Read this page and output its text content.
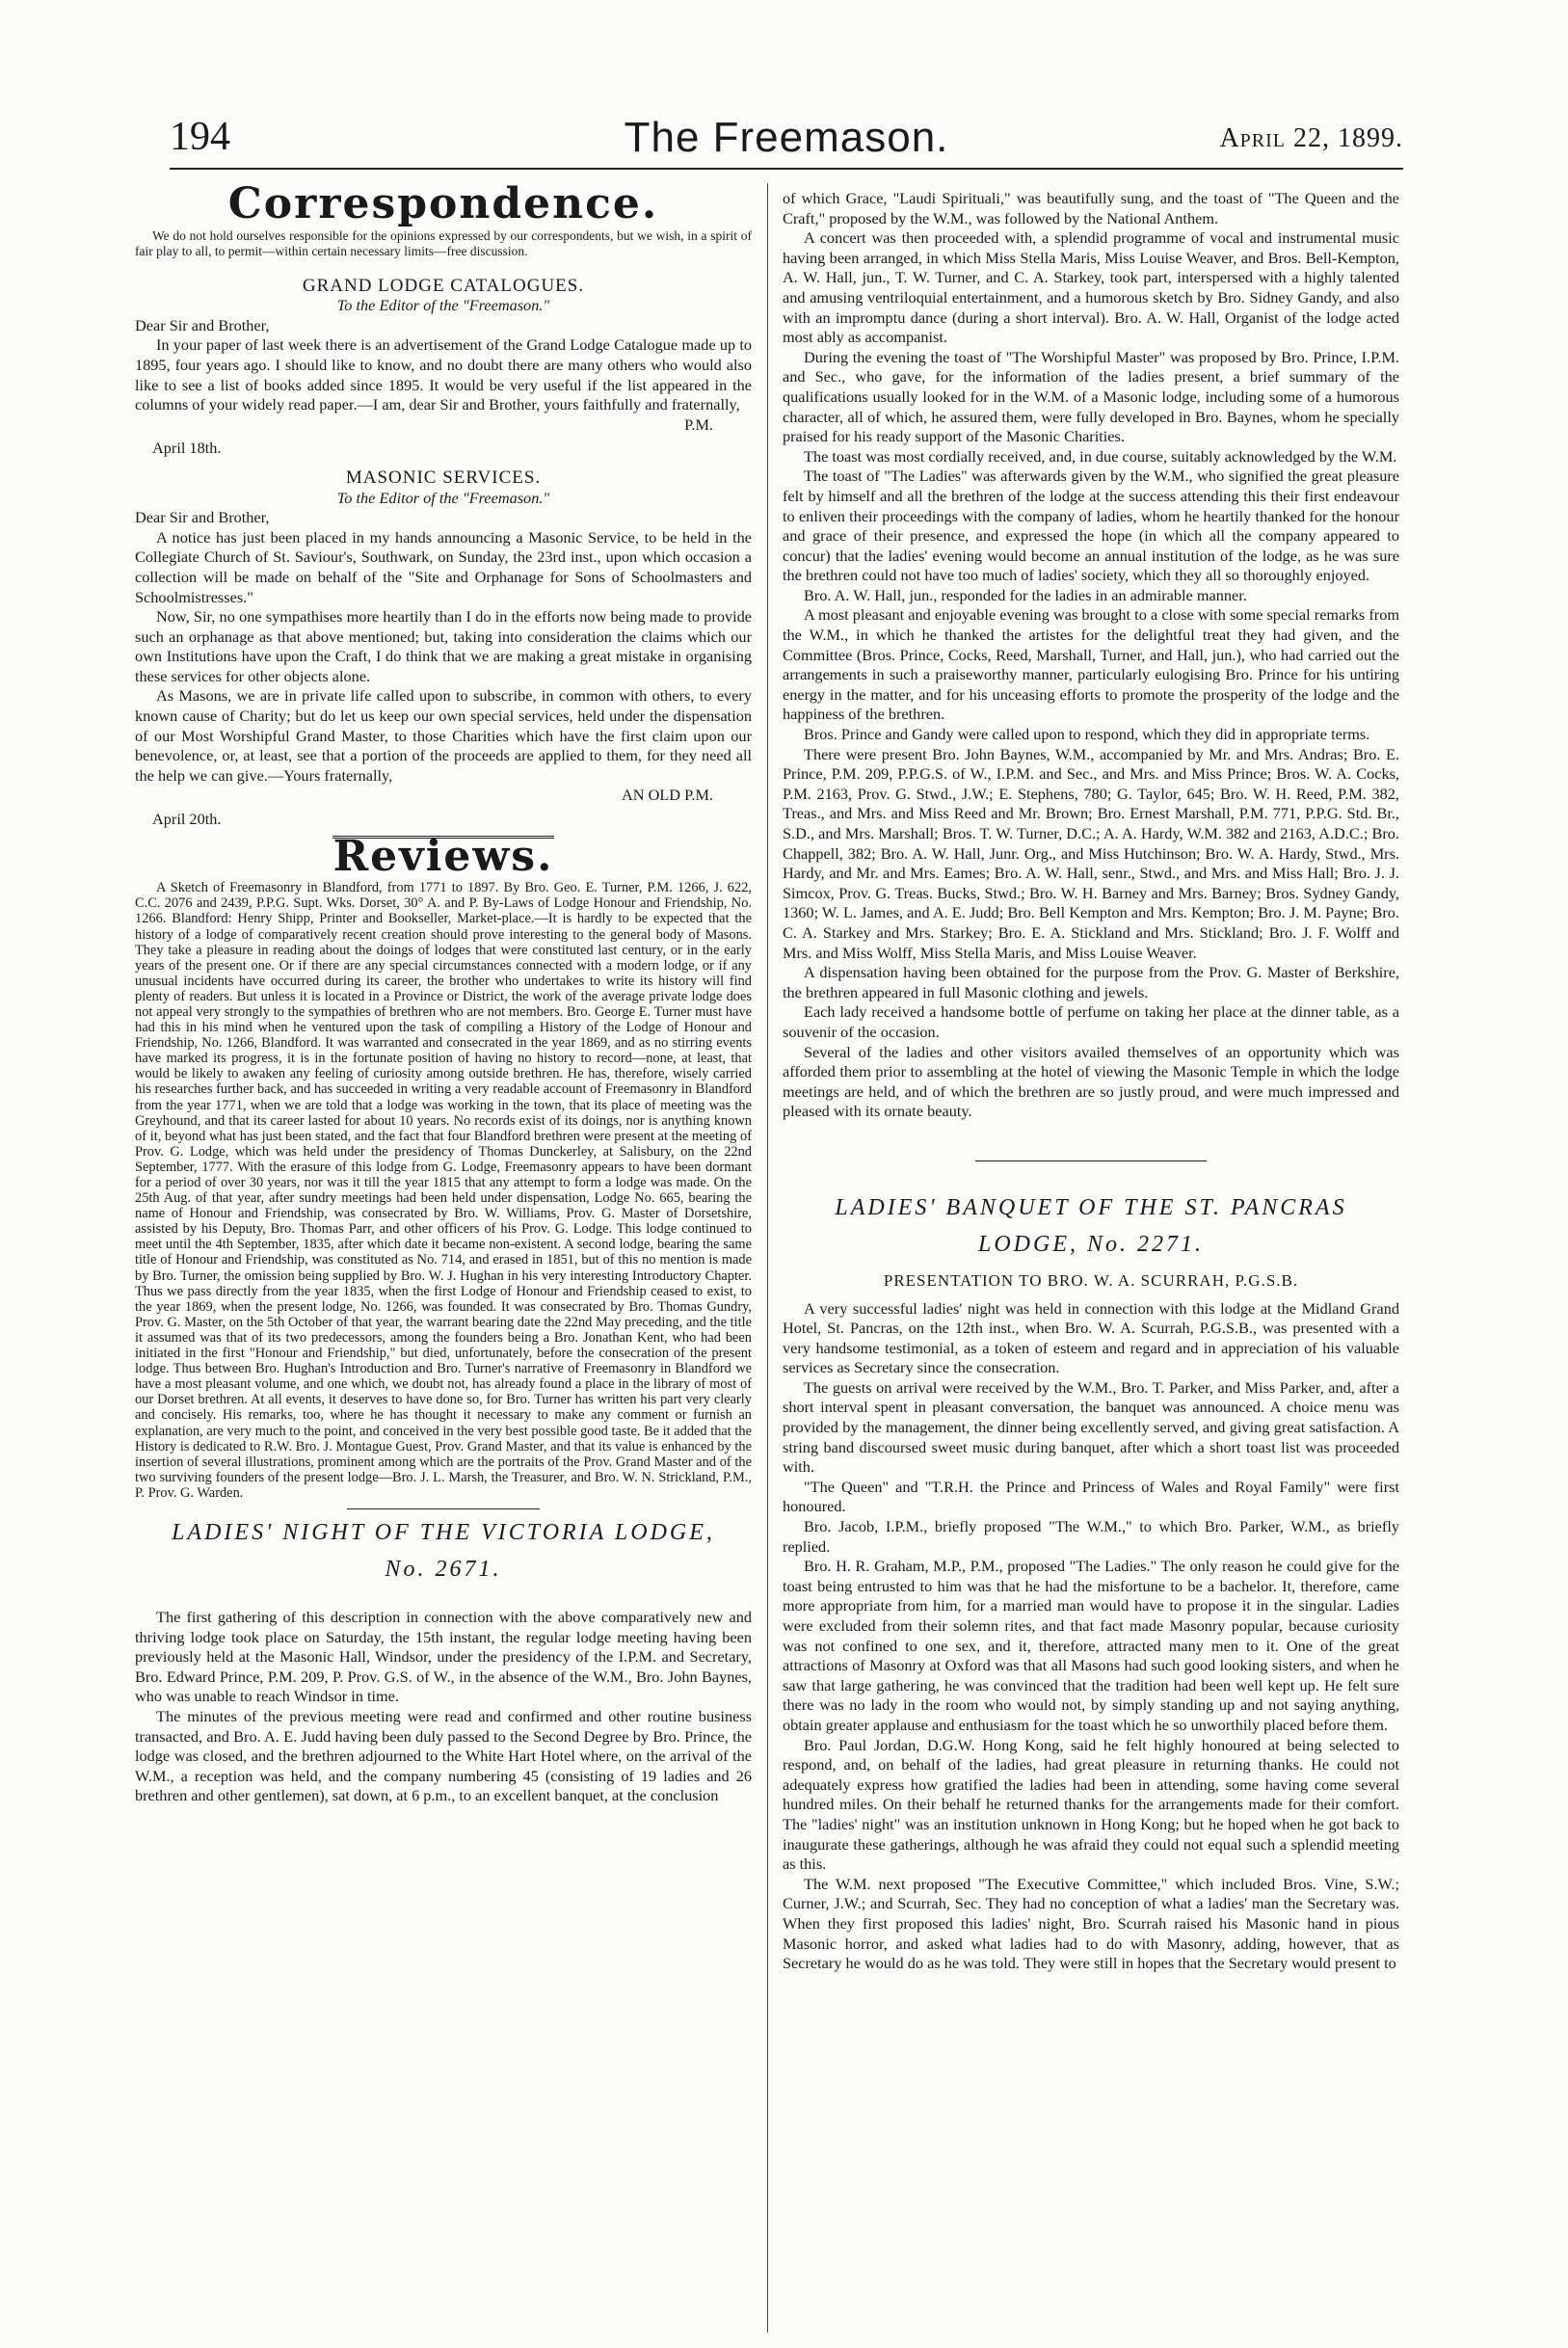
194	The Freemason.	April 22, 1899.
Correspondence.

We do not hold ourselves responsible for the opinions expressed by our correspondents, but we wish, in a spirit of fair play to all, to permit—within certain necessary limits—free discussion.

GRAND LODGE CATALOGUES.
To the Editor of the "Freemason."

Dear Sir and Brother,

In your paper of last week there is an advertisement of the Grand Lodge Catalogue made up to 1895, four years ago. I should like to know, and no doubt there are many others who would also like to see a list of books added since 1895. It would be very useful if the list appeared in the columns of your widely read paper.—I am, dear Sir and Brother, yours faithfully and fraternally,

P.M.

April 18th.

MASONIC SERVICES.
To the Editor of the "Freemason."

Dear Sir and Brother,

A notice has just been placed in my hands announcing a Masonic Service, to be held in the Collegiate Church of St. Saviour's, Southwark, on Sunday, the 23rd inst., upon which occasion a collection will be made on behalf of the "Site and Orphanage for Sons of Schoolmasters and Schoolmistresses."

Now, Sir, no one sympathises more heartily than I do in the efforts now being made to provide such an orphanage as that above mentioned; but, taking into consideration the claims which our own Institutions have upon the Craft, I do think that we are making a great mistake in organising these services for other objects alone.

As Masons, we are in private life called upon to subscribe, in common with others, to every known cause of Charity; but do let us keep our own special services, held under the dispensation of our Most Worshipful Grand Master, to those Charities which have the first claim upon our benevolence, or, at least, see that a portion of the proceeds are applied to them, for they need all the help we can give.—Yours fraternally,

AN OLD P.M.

April 20th.

Reviews.

A Sketch of Freemasonry in Blandford, from 1771 to 1897. By Bro. Geo. E. Turner, P.M. 1266, J. 622, C.C. 2076 and 2439, P.P.G. Supt. Wks. Dorset, 30° A. and P. By-Laws of Lodge Honour and Friendship, No. 1266. Blandford: Henry Shipp, Printer and Bookseller, Market-place.—It is hardly to be expected that the history of a lodge of comparatively recent creation should prove interesting to the general body of Masons. They take a pleasure in reading about the doings of lodges that were constituted last century, or in the early years of the present one. Or if there are any special circumstances connected with a modern lodge, or if any unusual incidents have occurred during its career, the brother who undertakes to write its history will find plenty of readers. But unless it is located in a Province or District, the work of the average private lodge does not appeal very strongly to the sympathies of brethren who are not members. Bro. George E. Turner must have had this in his mind when he ventured upon the task of compiling a History of the Lodge of Honour and Friendship, No. 1266, Blandford. It was warranted and consecrated in the year 1869, and as no stirring events have marked its progress, it is in the fortunate position of having no history to record—none, at least, that would be likely to awaken any feeling of curiosity among outside brethren. He has, therefore, wisely carried his researches further back, and has succeeded in writing a very readable account of Freemasonry in Blandford from the year 1771, when we are told that a lodge was working in the town, that its place of meeting was the Greyhound, and that its career lasted for about 10 years. No records exist of its doings, nor is anything known of it, beyond what has just been stated, and the fact that four Blandford brethren were present at the meeting of Prov. G. Lodge, which was held under the presidency of Thomas Dunckerley, at Salisbury, on the 22nd September, 1777. With the erasure of this lodge from G. Lodge, Freemasonry appears to have been dormant for a period of over 30 years, nor was it till the year 1815 that any attempt to form a lodge was made. On the 25th Aug. of that year, after sundry meetings had been held under dispensation, Lodge No. 665, bearing the name of Honour and Friendship, was consecrated by Bro. W. Williams, Prov. G. Master of Dorsetshire, assisted by his Deputy, Bro. Thomas Parr, and other officers of his Prov. G. Lodge. This lodge continued to meet until the 4th September, 1835, after which date it became non-existent. A second lodge, bearing the same title of Honour and Friendship, was constituted as No. 714, and erased in 1851, but of this no mention is made by Bro. Turner, the omission being supplied by Bro. W. J. Hughan in his very interesting Introductory Chapter. Thus we pass directly from the year 1835, when the first Lodge of Honour and Friendship ceased to exist, to the year 1869, when the present lodge, No. 1266, was founded. It was consecrated by Bro. Thomas Gundry, Prov. G. Master, on the 5th October of that year, the warrant bearing date the 22nd May preceding, and the title it assumed was that of its two predecessors, among the founders being a Bro. Jonathan Kent, who had been initiated in the first "Honour and Friendship," but died, unfortunately, before the consecration of the present lodge. Thus between Bro. Hughan's Introduction and Bro. Turner's narrative of Freemasonry in Blandford we have a most pleasant volume, and one which, we doubt not, has already found a place in the library of most of our Dorset brethren. At all events, it deserves to have done so, for Bro. Turner has written his part very clearly and concisely. His remarks, too, where he has thought it necessary to make any comment or furnish an explanation, are very much to the point, and conceived in the very best possible good taste. Be it added that the History is dedicated to R.W. Bro. J. Montague Guest, Prov. Grand Master, and that its value is enhanced by the insertion of several illustrations, prominent among which are the portraits of the Prov. Grand Master and of the two surviving founders of the present lodge—Bro. J. L. Marsh, the Treasurer, and Bro. W. N. Strickland, P.M., P. Prov. G. Warden.

LADIES' NIGHT OF THE VICTORIA LODGE,
No. 2671.

The first gathering of this description in connection with the above comparatively new and thriving lodge took place on Saturday, the 15th instant, the regular lodge meeting having been previously held at the Masonic Hall, Windsor, under the presidency of the I.P.M. and Secretary, Bro. Edward Prince, P.M. 209, P. Prov. G.S. of W., in the absence of the W.M., Bro. John Baynes, who was unable to reach Windsor in time.

The minutes of the previous meeting were read and confirmed and other routine business transacted, and Bro. A. E. Judd having been duly passed to the Second Degree by Bro. Prince, the lodge was closed, and the brethren adjourned to the White Hart Hotel where, on the arrival of the W.M., a reception was held, and the company numbering 45 (consisting of 19 ladies and 26 brethren and other gentlemen), sat down, at 6 p.m., to an excellent banquet, at the conclusion

of which Grace, "Laudi Spirituali," was beautifully sung, and the toast of "The Queen and the Craft," proposed by the W.M., was followed by the National Anthem.

A concert was then proceeded with, a splendid programme of vocal and instrumental music having been arranged, in which Miss Stella Maris, Miss Louise Weaver, and Bros. Bell-Kempton, A. W. Hall, jun., T. W. Turner, and C. A. Starkey, took part, interspersed with a highly talented and amusing ventriloquial entertainment, and a humorous sketch by Bro. Sidney Gandy, and also with an impromptu dance (during a short interval). Bro. A. W. Hall, Organist of the lodge acted most ably as accompanist.

During the evening the toast of "The Worshipful Master" was proposed by Bro. Prince, I.P.M. and Sec., who gave, for the information of the ladies present, a brief summary of the qualifications usually looked for in the W.M. of a Masonic lodge, including some of a humorous character, all of which, he assured them, were fully developed in Bro. Baynes, whom he specially praised for his ready support of the Masonic Charities.

The toast was most cordially received, and, in due course, suitably acknowledged by the W.M.

The toast of "The Ladies" was afterwards given by the W.M., who signified the great pleasure felt by himself and all the brethren of the lodge at the success attending this their first endeavour to enliven their proceedings with the company of ladies, whom he heartily thanked for the honour and grace of their presence, and expressed the hope (in which all the company appeared to concur) that the ladies' evening would become an annual institution of the lodge, as he was sure the brethren could not have too much of ladies' society, which they all so thoroughly enjoyed.

Bro. A. W. Hall, jun., responded for the ladies in an admirable manner.

A most pleasant and enjoyable evening was brought to a close with some special remarks from the W.M., in which he thanked the artistes for the delightful treat they had given, and the Committee (Bros. Prince, Cocks, Reed, Marshall, Turner, and Hall, jun.), who had carried out the arrangements in such a praiseworthy manner, particularly eulogising Bro. Prince for his untiring energy in the matter, and for his unceasing efforts to promote the prosperity of the lodge and the happiness of the brethren.

Bros. Prince and Gandy were called upon to respond, which they did in appropriate terms.

There were present Bro. John Baynes, W.M., accompanied by Mr. and Mrs. Andras; Bro. E. Prince, P.M. 209, P.P.G.S. of W., I.P.M. and Sec., and Mrs. and Miss Prince; Bros. W. A. Cocks, P.M. 2163, Prov. G. Stwd., J.W.; E. Stephens, 780; G. Taylor, 645; Bro. W. H. Reed, P.M. 382, Treas., and Mrs. and Miss Reed and Mr. Brown; Bro. Ernest Marshall, P.M. 771, P.P.G. Std. Br., S.D., and Mrs. Marshall; Bros. T. W. Turner, D.C.; A. A. Hardy, W.M. 382 and 2163, A.D.C.; Bro. Chappell, 382; Bro. A. W. Hall, Junr. Org., and Miss Hutchinson; Bro. W. A. Hardy, Stwd., Mrs. Hardy, and Mr. and Mrs. Eames; Bro. A. W. Hall, senr., Stwd., and Mrs. and Miss Hall; Bro. J. J. Simcox, Prov. G. Treas. Bucks, Stwd.; Bro. W. H. Barney and Mrs. Barney; Bros. Sydney Gandy, 1360; W. L. James, and A. E. Judd; Bro. Bell Kempton and Mrs. Kempton; Bro. J. M. Payne; Bro. C. A. Starkey and Mrs. Starkey; Bro. E. A. Stickland and Mrs. Stickland; Bro. J. F. Wolff and Mrs. and Miss Wolff, Miss Stella Maris, and Miss Louise Weaver.

A dispensation having been obtained for the purpose from the Prov. G. Master of Berkshire, the brethren appeared in full Masonic clothing and jewels.

Each lady received a handsome bottle of perfume on taking her place at the dinner table, as a souvenir of the occasion.

Several of the ladies and other visitors availed themselves of an opportunity which was afforded them prior to assembling at the hotel of viewing the Masonic Temple in which the lodge meetings are held, and of which the brethren are so justly proud, and were much impressed and pleased with its ornate beauty.

LADIES' BANQUET OF THE ST. PANCRAS
LODGE, No. 2271.
PRESENTATION TO BRO. W. A. SCURRAH, P.G.S.B.

A very successful ladies' night was held in connection with this lodge at the Midland Grand Hotel, St. Pancras, on the 12th inst., when Bro. W. A. Scurrah, P.G.S.B., was presented with a very handsome testimonial, as a token of esteem and regard and in appreciation of his valuable services as Secretary since the consecration.

The guests on arrival were received by the W.M., Bro. T. Parker, and Miss Parker, and, after a short interval spent in pleasant conversation, the banquet was announced. A choice menu was provided by the management, the dinner being excellently served, and giving great satisfaction. A string band discoursed sweet music during banquet, after which a short toast list was proceeded with.

"The Queen" and "T.R.H. the Prince and Princess of Wales and Royal Family" were first honoured.

Bro. Jacob, I.P.M., briefly proposed "The W.M.," to which Bro. Parker, W.M., as briefly replied.

Bro. H. R. Graham, M.P., P.M., proposed "The Ladies." The only reason he could give for the toast being entrusted to him was that he had the misfortune to be a bachelor. It, therefore, came more appropriate from him, for a married man would have to propose it in the singular. Ladies were excluded from their solemn rites, and that fact made Masonry popular, because curiosity was not confined to one sex, and it, therefore, attracted many men to it. One of the great attractions of Masonry at Oxford was that all Masons had such good looking sisters, and when he saw that large gathering, he was convinced that the tradition had been well kept up. He felt sure there was no lady in the room who would not, by simply standing up and not saying anything, obtain greater applause and enthusiasm for the toast which he so unworthily placed before them.

Bro. Paul Jordan, D.G.W. Hong Kong, said he felt highly honoured at being selected to respond, and, on behalf of the ladies, had great pleasure in returning thanks. He could not adequately express how gratified the ladies had been in attending, some having come several hundred miles. On their behalf he returned thanks for the arrangements made for their comfort. The "ladies' night" was an institution unknown in Hong Kong; but he hoped when he got back to inaugurate these gatherings, although he was afraid they could not equal such a splendid meeting as this.

The W.M. next proposed "The Executive Committee," which included Bros. Vine, S.W.; Curner, J.W.; and Scurrah, Sec. They had no conception of what a ladies' man the Secretary was. When they first proposed this ladies' night, Bro. Scurrah raised his Masonic hand in pious Masonic horror, and asked what ladies had to do with Masonry, adding, however, that as Secretary he would do as he was told. They were still in hopes that the Secretary would present to
